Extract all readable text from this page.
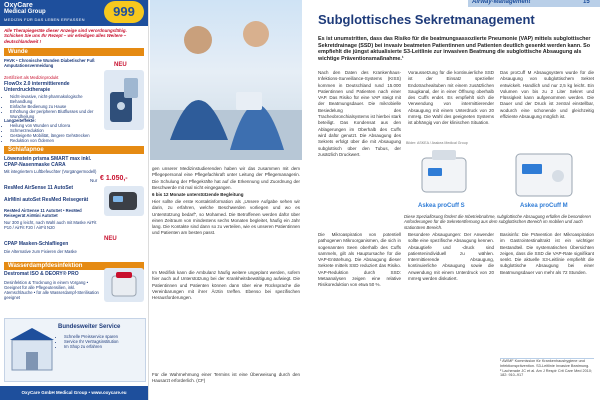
OxyCare
Medical Group
MEDIZIN FÜR DAS LEBEN ERFASSEN
999
Alle Therapiegeräte dieser Anzeige sind verordnungsfähig. Schicken Sie uns Ihr Rezept – wir erledigen alles Weitere – deutschlandweit !
Wunde
PAVK • Chronische Wunden Diabetischer Fuß Amputationsvermeidung
Zertifiziert als Medizinprodukt
FlowOx 2.0 intermittierende Unterdrucktherapie
• Nicht-invasive, nicht-pharmakologische Behandlung
• Einfache Bedienung zu Hause
• Erhöhung der peripheren Blutflusses und der Wundheilung
Langzeiteffekte:
• Heilung von Wunden und Ulcera
• Schmerzreduktion
• Gesteigerte Mobilität, längere Gehstrecken
• Reduktion von Ödemen
NEU
Schlafapnoe
Löwenstein prisma SMART max inkl. CPAP-Nasenmaske CARA
Mit integriertem Luftbefeuchter (Vorgängermodell)
Nur € 1.050,-
ResMed AirSense 11 AutoSet
AirMini autoSet ResMed Reisegerät
ResMed AirSense 11 AutoSet • ResMed Reisegerät AirMini AutoSet
Nur 300 g leicht, nach Wahl auch mit Maske AirFit P10 / AirFit F20 / AirFit N20
NEU
CPAP Masken-Schlafliegen
Die Alternative zum Fixieren der Maske
Wasserdampfdesinfektion
Destromat ISO & DEORY® PRO
Desinfektion & Trocknung in einem Vorgang • Geeignet für alle Pflegeutensilien, inkl. Atemschläuche • für alle Wasserdampf-Sterilisation geeignet
Bundesweiter Service
• Schnelle Preisservice sparen
• Service Ihr Vertragsinstitution
• Im Shop zu erfahren
OxyCare GmbH Medical Group • www.oxycare.eu
gen unserer Medizinstudierenden haben wir das zusammen mit dem Pflegepersonal eine Pflegefachkraft unter Leitung der Pflegemanagerin. Die Schulung der Pflegekräfte hat auf die Erkennung und Zuordnung der Beschwerde mit mal nicht eingegangen.
6 bis 12 Monate unterstützende Begleitung
Hier sollte die erste Kontaktinformation als „Unsere Aufgabe sehen wir darin, zu erfahren, welche Beschwerden vorliegen und wo es Unterstützung bedarf“, so Mohamed. Die Betroffenen werden dafür über einen Zeitraum von mindestens sechs Monaten begleitet, häufig ein Jahr lang. Die Kontakte sind dann so zu verteilen, wie es unseren Patientinnen und Patienten am besten passt.
Im Medifisk kann die Ambulanz häufig weitere ungeplant werden, sofern hier auch auf Unterstützung bei der Krankheitsbewältigung aufwiegt. Die Patientinnen und Patienten können dann über eine Rücksprache die Vereinbarungen mit ihrer Ärztin treffen. Ebenso bei spezifischen Herausforderungen.
Für die Wahrnehmung einer Termins ist eine Überweisung durch den Hausarzt erforderlich. (CF)
Airway-Management	15
Subglottisches Sekretmanagement
Es ist unumstritten, dass das Risiko für die beatmungsassoziierte Pneumonie (VAP) mittels subglottischer Sekretdrainage (SSD) bei invasiv beatmeten Patientinnen und Patienten deutlich gesenkt werden kann. So empfiehlt die jüngst aktualisierte S3-Leitlinie zur invasiven Beatmung die subglottische Absaugung als wichtige Präventionsmaßnahme.¹
Nach den Daten des Krankenhaus-Infektions-Surveillance-Systems (KISS) kommen in Deutschland rund 15.000 Patientinnen und Patienten nach einer VAP. Das Risiko für eine VAP steigt mit der Beatmungsdauer. Die mikrobielle Besiedelung des Tracheobronchialsystems ist hierbei stark beteiligt. Das Kondensat aus den Ablagerungen im Oberhalb des Cuffs wird dafür genutzt. Die Absaugung des Sekrets erfolgt über die mit Absaugung subglottisch über den Tubus, der zusätzlich Druckwert.
Voraussetzung für die kontinuierliche SSD ist der Einsatz spezieller Endotrachealtuben mit einem zusätzlichen Saugkanal, der in einer Öffnung oberhalb des Cuffs endet. Es empfiehlt sich die Verwendung von intermittierender Absaugung mit einem Unterdruck von 20 mmHg. Die Wahl des geeigneten Systems ist abhängig von der klinischen Situation.
Das proCuff M Absaugsystem wurde für die Absaugung von subglottischem Sekret entwickelt. Handlich und nur 2,5 kg leicht. Ein Volumen von bis zu 2 Liter Sekret und Flüssigkeit kann aufgenommen werden. Die Dauer und der Druck ist zentral einstellbar, wodurch eine schonende und gleichzeitig effiziente Absaugung möglich ist.
Bilder: ASKEA / Asskea Medical Group
Askea proCuff S	Askea proCuff M
Diese Speziallösung fördert die Inbetriebnahme, subglottische Absaugung erfüllen die besonderen Anforderungen für die Sekretentfernung aus dem subglottischen Bereich im mobilen und auch stationären Bereich.
Die Mikroaspiration von potentiell pathogenen Mikroorganismen, die sich in sogenannten Seen oberhalb des Cuffs sammeln, gilt als Hauptursache für die VAP-Entstehung. Die Absaugung dieser Sekrete mittels SSD reduziert das Risiko. VAP-Reduktion durch SSD: Metaanalysen zeigen eine relative Risikoreduktion von etwa 50 %.
Besondere Absaugungen: Der Anwender sollte eine spezifische Absaugung kennen. Absaugtiefe und -druck sind patientenindividuell zu wählen. Intermittierende Absaugung, kontinuierliche Absaugung sowie die Anwendung mit einem Unterdruck von 20 mmHg werden diskutiert.
Basisinfo: Die Prävention der Mikroaspiration im Gastrointestinaltrakt ist ein wichtiger Bestandteil. Die systematischen Übersichten zeigen, dass die SSD die VAP-Rate signifikant senkt. Die aktuelle S3-Leitlinie empfiehlt die subglottische Absaugung bei einer Beatmungsdauer von mehr als 72 Stunden.
¹ AWMF Kommission für Krankenhaushygiene und Infektionsprävention. S3-Leitlinie Invasive Beatmung.
² Lacherade JC et al. Am J Respir Crit Care Med 2010; 182: 910–917
